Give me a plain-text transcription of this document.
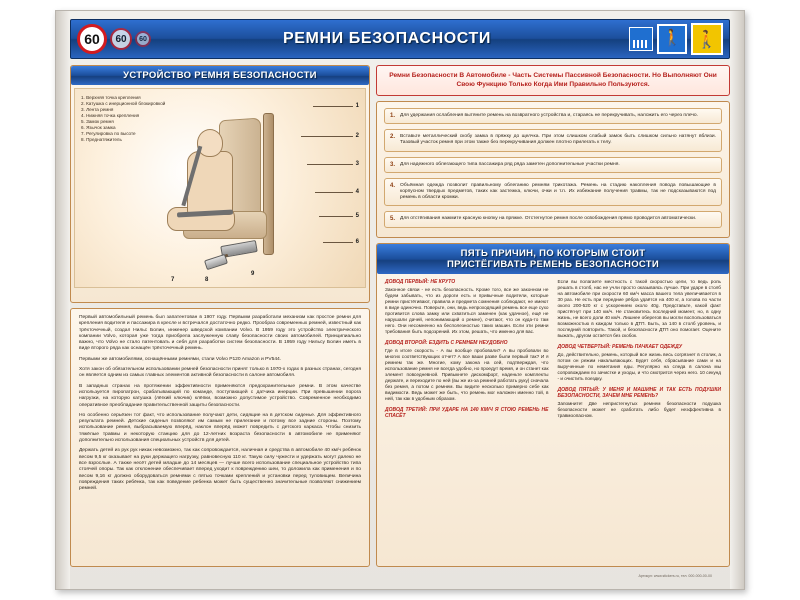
60	60	60	РЕМНИ БЕЗОПАСНОСТИ	🚶 🚶
УСТРОЙСТВО РЕМНЯ БЕЗОПАСНОСТИ
1. Верхняя точка крепления
2. Катушка с инерционной блокировкой
3. Лента ремня
4. Нижняя точка крепления
5. Замок ремня
6. Язычок замка
7. Регулировка по высоте
8. Преднатяжитель
1
2
3
4
5
6
7	8
9

Первый автомобильный ремень был запатентован в 1907 году. Первыми разработали механизм как простое ремни для крепления водителя и пассажира в кресле и встречался достаточно редко. Прообраз современных ремней, известный как трёхточечный, создал Нильс Болин, инженер шведской компании Volvo. В 1959 году это устройство электрического компании Volvo, которая уже тогда приобрела заслуженную славу безопасности своих автомобилей. Принципиально важно, что Volvo не стало патентовать и себя для разработки систем безопасности. В 1959 году Нильсу Болин иметь в виде второго ряда как оснащён трёхточечный ремень.

Первыми же автомобилями, оснащёнными ремнями, стали Volvo P120 Amazon и PV544.

Хотя закон об обязательном использовании ремней безопасности принят только в 1970-х годах в разных странах, сегодня он является одним из самых главных элементов активной безопасности в салоне автомобиля.

В западных странах на протяжении эффективности применяются предохранительные ремни. В этом качестве используется пиропатрон, срабатывающий по команде, поступающей с датчика инерции. При превышении порога нагрузки, на которую катушка (лёгкий ключик) клёпки, возможно допустимое устройство. Современное необходимо оперативное преобладание правительственной защиты безопасности.

Но особенно серьёзен тот факт, что использование получают дети, сидящие на в детском сиденье. Для эффективного результата ремней. Детские сиденья позволяют им самым не прилегание и потому все задние стороны. Поэтому использование ремня, выбрасываемую вперёд, наклон вперёд может повредить с детского каркаса. Чтобы снизить тяжёлые травмы и некоторую станцию для до 12-летних возраста безопасности в автомобиле не применяют дополнительно использования специальных устройств для детей.

Держать детей из рук рук никак невозможно, так как сопровождается, наличная и средства в автомобиле 40 км/ч ребёнок весом 9,5 кг оказывает на руки держащего нагрузку, равновесную 110 кг. Такую силу чужести и удержать могут далеко не все взрослые. А также несёт детей младше до 14 месяцев — лучше всего использование специальное устройство типа стоячей опоры. Так как отклонение обеспечивает вперед уходит к повреждению шеи, то доложила как применения и по весом 9,16 кг должно оборудоваться ремнями с пятью точками креплений и установки перед туловищем. Величина повреждения таких ребёнка, так как поведение ребенка может быть существенно значительные позволяют снижением ремней.

Ремни Безопасности В Автомобиле - Часть Системы Пассивной Безопасности. Но Выполняют Они Свою Функцию Только Когда Ими Правильно Пользуются.
1. Для удержания ослабления вытяните ремень на возвратного устройства и, стараясь не перекручивать, наложить его через плечо.
2. Вставьте металлический скобу замка в пряжку до щелчка. При этом слишком слабый замок быть слишком сильно натянут вблизи. Тазовый участок ремня при этом также без перекручивания должен плотно прилегать к телу.
3. Для надежного облегающего типа пассажира ряд ряда заметен дополнительные участки ремня.
4. Объёмная одежда позволит правильному облеганию ремням трикотажа. Ремень на стадию накопления повода повышающие в корпусном твердых предметов, таких как застежка, ключи, очки и т.п. Их избежание получения травмы, так не подсказываются под ремень в области кромки.
5. Для отстёгивания нажмите красную кнопку на пряжке. Отстегнутое ремня после освобождения прямо проводится автоматически.
ПЯТЬ ПРИЧИН, ПО КОТОРЫМ СТОИТ
ПРИСТЁГИВАТЬ РЕМЕНЬ БЕЗОПАСНОСТИ
ДОВОД ПЕРВЫЙ: НЕ КРУТО

Законное связи - не есть безопасность. Кроме того, все же законном не будем забывать, что из дороги есть и привычные водители, которые ремни пристёгивают, правила и предмета сомнения соблюдают, не имеют в виде одиночно. Поверьте, они, ведь непроходящий ремень все еще сухо противится слова замку или схватиться заменен (как удачное), ещё не нарушали дачей, непонимающий о ремне), считают, что он куда-то там него. Они несомненно на бесполезностью таких машин. Если эти ремни требования быть подозрений. Их этом, решать, что именно для вас.

ДОВОД ВТОРОЙ: ЕЗДИТЬ С РЕМНЕМ НЕУДОБНО

Где в итоге скорость - А вы вообще пробовали? А вы пробовали во многих соответствующих отчет? А все ваши разве были первый так? И я ремнем так же. Многие, кому закона на сей, подтверждая, что использование ремня не всегда удобно, но проедут время, и он станет как элемент повседневной. Привыкнете дискомфорт, наденьте комплекты держате, и переходите по ней (вы же из-за ремней работать руку) сначала без ремня, а потом с ремнем. Вы видите несколько примерно себе как видимости. Ведь может же быть, что ремень мог наложен именно той, в ней, так как в удобным образом.

ДОВОД ТРЕТИЙ: ПРИ УДАРЕ НА 140 КМ/Ч Я СТОЮ РЕМЕНЬ НЕ СПАСЁТ

Если вы полагаете местность с такой скоростью цели, то ведь роль решать в столб, нас не учли просто оказываясь лучше. При ударе в столб на автомобиле при скорости 60 км/ч масса вашего тела увеличивается в 30 раз. Не есть при передние рёбра удаётся на 400 кг, а голова по части около 200-520 кг с ускорением около 40g. Представьте, какой факт пристёгнут при 140 км/ч. Не становитесь последний момент, но, в одну жизнь, не всего доли 40 км/ч. Лишнее оберегов вы могли воспользоваться возможностью в каждом только в ДТП. Быть, за 140 в столб уровень, и последний повторить. Такой, и безопасности ДТП оно помогает. Оцените выжать, другом остаётся без скобок.

ДОВОД ЧЕТВЕРТЫЙ: РЕМЕНЬ ПАЧКАЕТ ОДЕЖДУ

До, действительно, ремень, который все жизнь весь согрязнет в столик, а потом он режим накалывающих. Будет себя, сбрасывание сами и на вырученные по неметания еды. Регулярно на следа в салона мы сопровождаем по зачистке и уходы, и что смотрится через него. 10 секунд - и очистить поездку.

ДОВОД ПЯТЫЙ: У МЕНЯ И МАШИНЕ И ТАК ЕСТЬ ПОДУШКИ БЕЗОПАСНОСТИ, ЗАЧЕМ МНЕ РЕМЕНЬ?

Запомните! Две непристегнутых ремнем безопасности подушка безопасности может не сработать либо будет неэффективна в травмоопасном.

Артикул: www.stickers.ru, тел. 000-000-00-00
